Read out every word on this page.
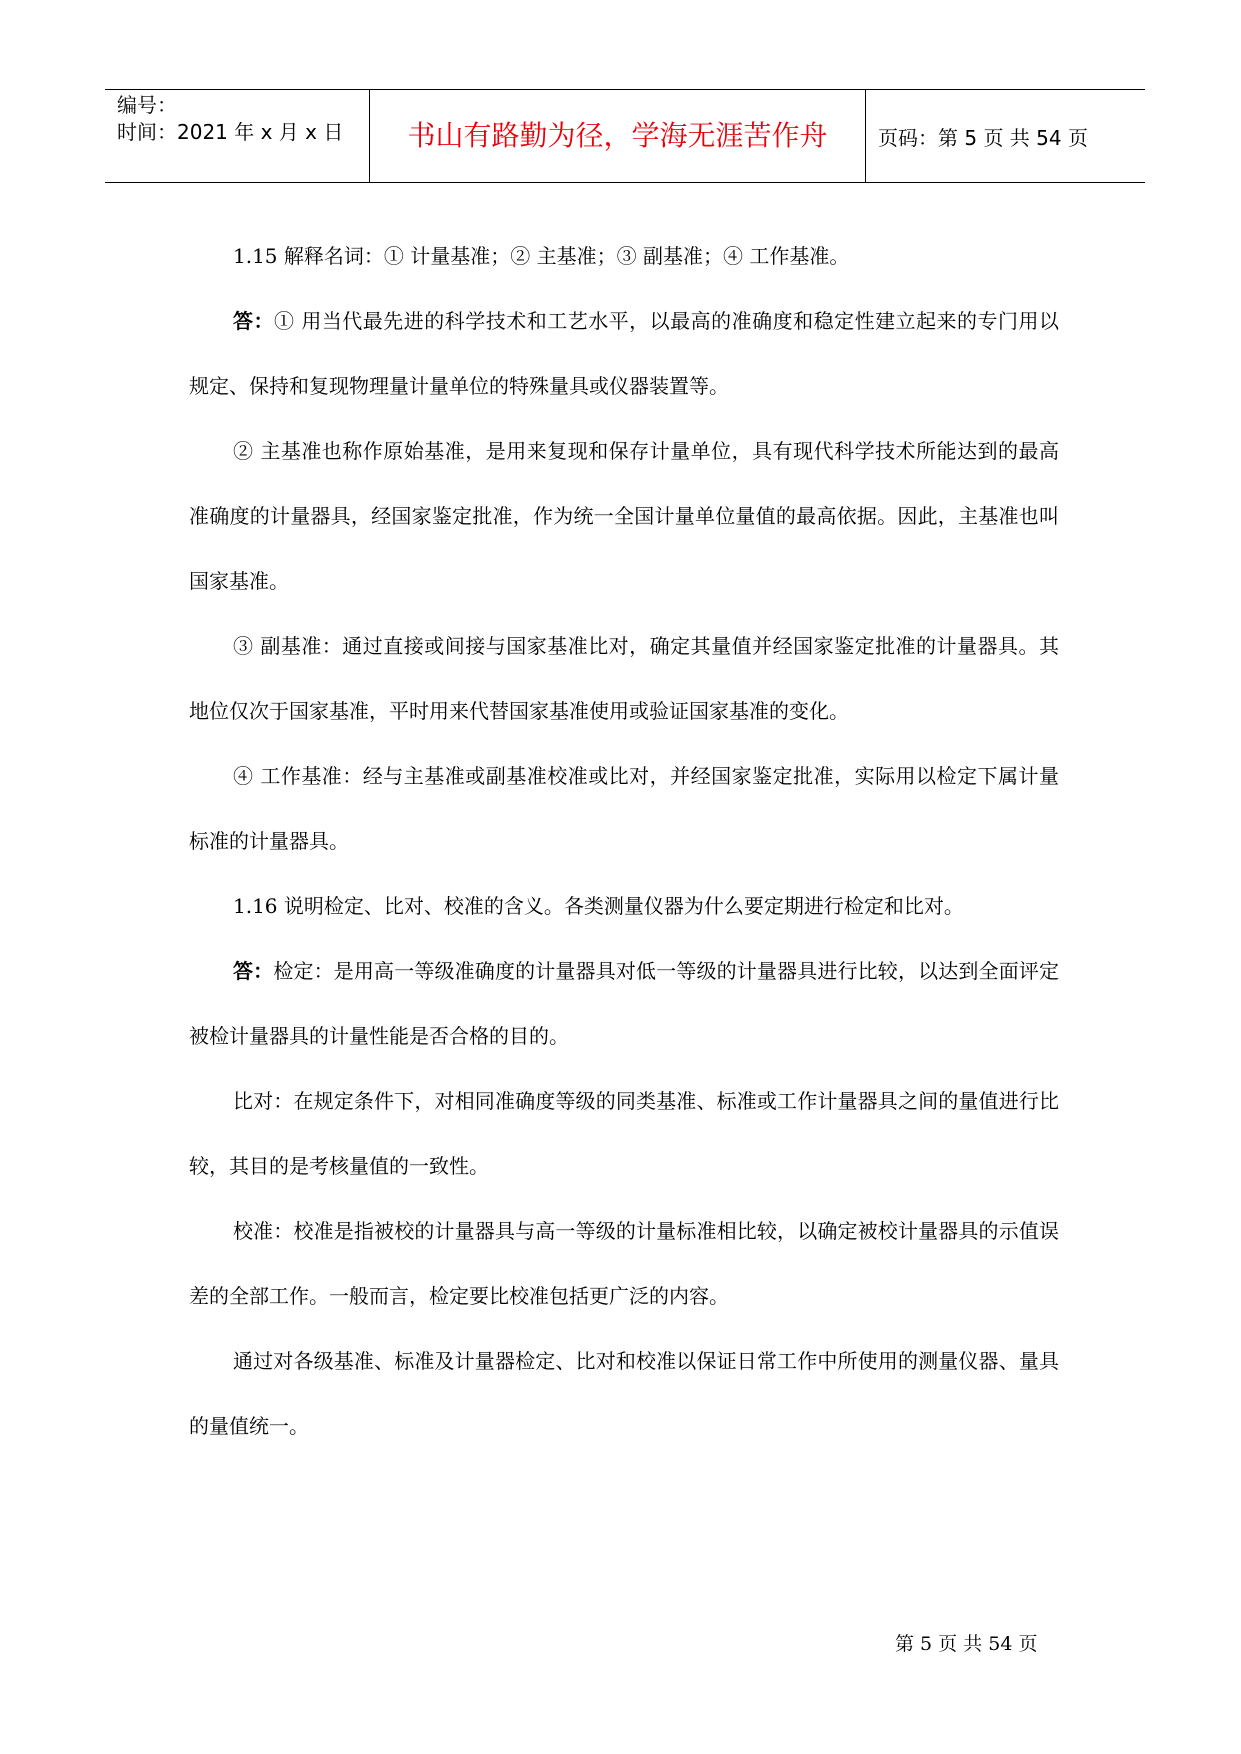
编号：
时间：2021 年 x 月 x 日	书山有路勤为径，学海无涯苦作舟	页码：第 5 页 共 54 页

1.15 解释名词：① 计量基准；② 主基准；③ 副基准；④ 工作基准。

答：① 用当代最先进的科学技术和工艺水平，以最高的准确度和稳定性建立起来的专门用以规定、保持和复现物理量计量单位的特殊量具或仪器装置等。

② 主基准也称作原始基准，是用来复现和保存计量单位，具有现代科学技术所能达到的最高准确度的计量器具，经国家鉴定批准，作为统一全国计量单位量值的最高依据。因此，主基准也叫国家基准。

③ 副基准：通过直接或间接与国家基准比对，确定其量值并经国家鉴定批准的计量器具。其地位仅次于国家基准，平时用来代替国家基准使用或验证国家基准的变化。

④ 工作基准：经与主基准或副基准校准或比对，并经国家鉴定批准，实际用以检定下属计量标准的计量器具。

1.16 说明检定、比对、校准的含义。各类测量仪器为什么要定期进行检定和比对。

答：检定：是用高一等级准确度的计量器具对低一等级的计量器具进行比较，以达到全面评定被检计量器具的计量性能是否合格的目的。

比对：在规定条件下，对相同准确度等级的同类基准、标准或工作计量器具之间的量值进行比较，其目的是考核量值的一致性。

校准：校准是指被校的计量器具与高一等级的计量标准相比较，以确定被校计量器具的示值误差的全部工作。一般而言，检定要比校准包括更广泛的内容。

通过对各级基准、标准及计量器检定、比对和校准以保证日常工作中所使用的测量仪器、量具的量值统一。

第 5 页 共 54 页
